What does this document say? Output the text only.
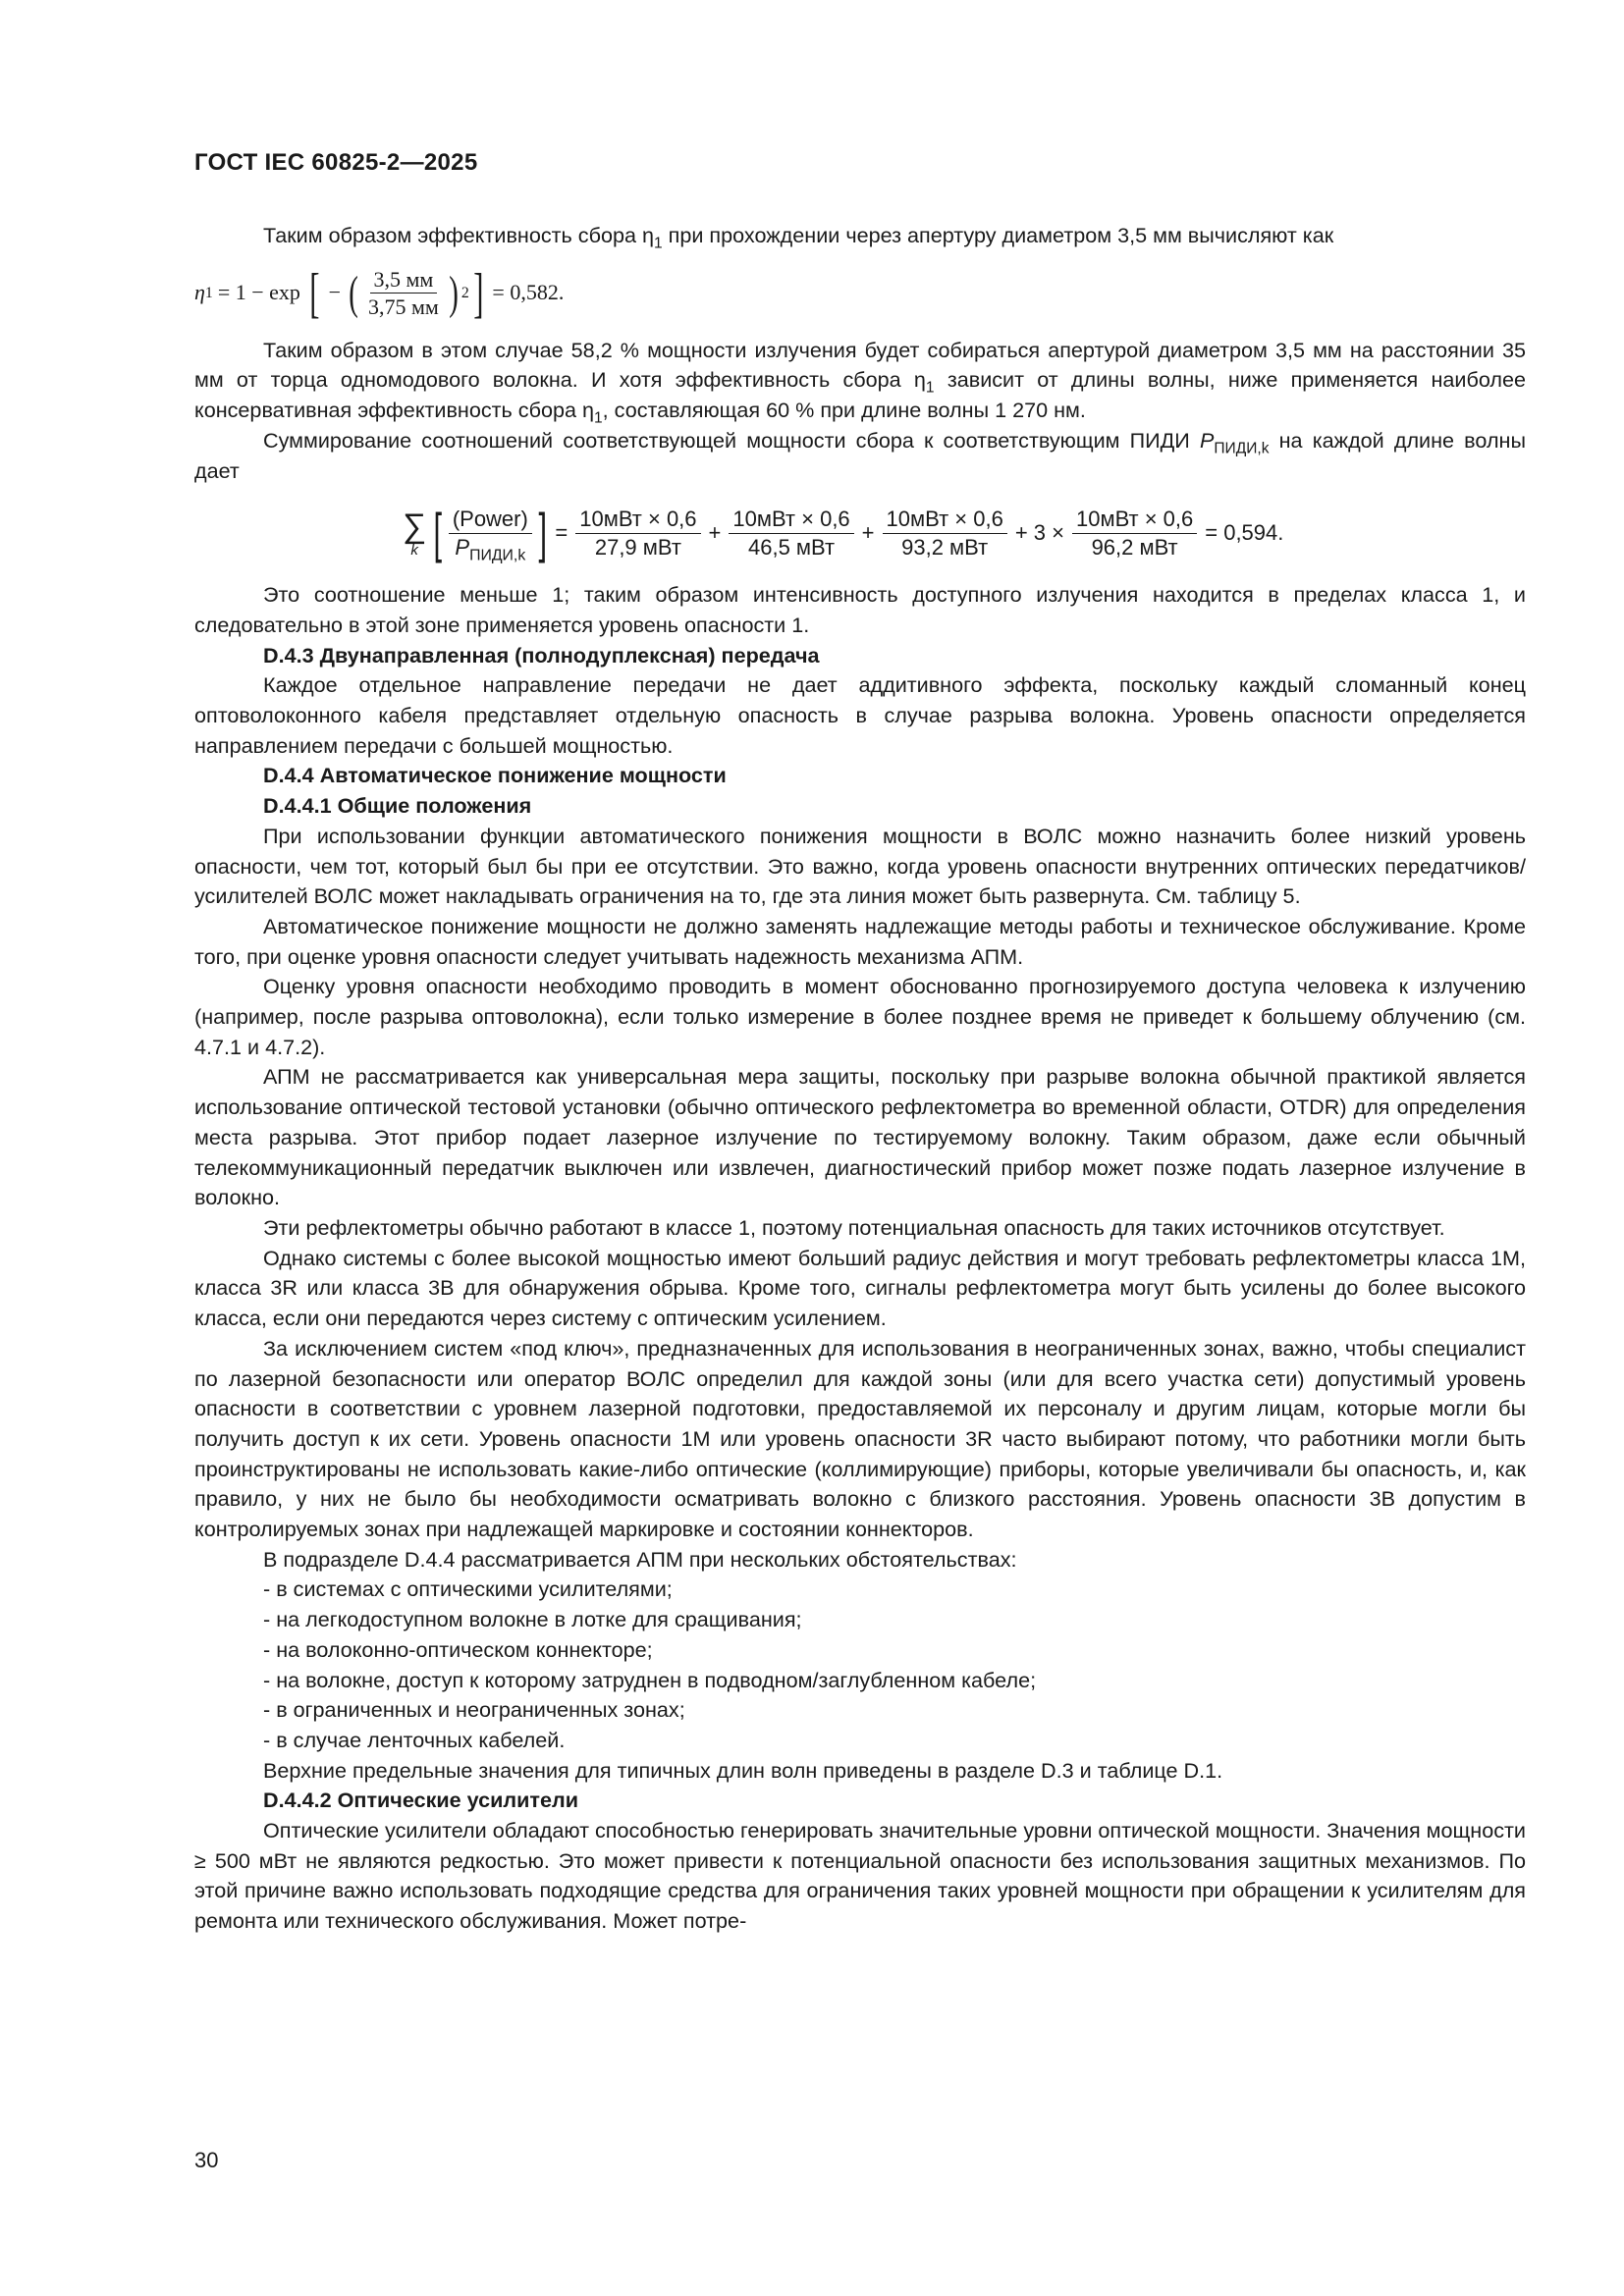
ГОСТ IEC 60825-2—2025

Таким образом эффективность сбора $\eta_1$ при прохождении через апертуру диаметром 3,5 мм вычисляют как

η 1 = 1 − exp [ − ( $\frac{3,5 мм}{3,75 мм}$ ) 2 ] = 0,582.

Таким образом в этом случае 58,2 % мощности излучения будет собираться апертурой диаметром 3,5 мм на расстоянии 35 мм от торца одномодового волокна. И хотя эффективность сбора $\eta_1$ зависит от длины волны, ниже применяется наиболее консервативная эффективность сбора $\eta_1$, составляющая 60 % при длине волны 1 270 нм.

Суммирование соотношений соответствующей мощности сбора к соответствующим ПИДИ $P_{ПИДИ,k}$ на каждой длине волны дает

∑
k [ $\frac{\text{(Power)}}{P_{ПИДИ,k}}$ ] = $\frac{\text{10мВт × 0,6}}{\text{27,9 мВт}} + \frac{\text{10мВт × 0,6}}{\text{46,5 мВт}} + \frac{\text{10мВт × 0,6}}{\text{93,2 мВт}} + 3 \times \frac{\text{10мВт × 0,6}}{\text{96,2 мВт}} = 0,594$.

Это соотношение меньше 1; таким образом интенсивность доступного излучения находится в пределах класса 1, и следовательно в этой зоне применяется уровень опасности 1.

D.4.3 Двунаправленная (полнодуплексная) передача

Каждое отдельное направление передачи не дает аддитивного эффекта, поскольку каждый сломанный конец оптоволоконного кабеля представляет отдельную опасность в случае разрыва волокна. Уровень опасности определяется направлением передачи с большей мощностью.

D.4.4 Автоматическое понижение мощности

D.4.4.1 Общие положения

При использовании функции автоматического понижения мощности в ВОЛС можно назначить более низкий уровень опасности, чем тот, который был бы при ее отсутствии. Это важно, когда уровень опасности внутренних оптических передатчиков/усилителей ВОЛС может накладывать ограничения на то, где эта линия может быть развернута. См. таблицу 5.

Автоматическое понижение мощности не должно заменять надлежащие методы работы и техническое обслуживание. Кроме того, при оценке уровня опасности следует учитывать надежность механизма АПМ.

Оценку уровня опасности необходимо проводить в момент обоснованно прогнозируемого доступа человека к излучению (например, после разрыва оптоволокна), если только измерение в более позднее время не приведет к большему облучению (см. 4.7.1 и 4.7.2).

АПМ не рассматривается как универсальная мера защиты, поскольку при разрыве волокна обычной практикой является использование оптической тестовой установки (обычно оптического рефлектометра во временной области, OTDR) для определения места разрыва. Этот прибор подает лазерное излучение по тестируемому волокну. Таким образом, даже если обычный телекоммуникационный передатчик выключен или извлечен, диагностический прибор может позже подать лазерное излучение в волокно.

Эти рефлектометры обычно работают в классе 1, поэтому потенциальная опасность для таких источников отсутствует.

Однако системы с более высокой мощностью имеют больший радиус действия и могут требовать рефлектометры класса 1М, класса 3R или класса 3B для обнаружения обрыва. Кроме того, сигналы рефлектометра могут быть усилены до более высокого класса, если они передаются через систему с оптическим усилением.

За исключением систем «под ключ», предназначенных для использования в неограниченных зонах, важно, чтобы специалист по лазерной безопасности или оператор ВОЛС определил для каждой зоны (или для всего участка сети) допустимый уровень опасности в соответствии с уровнем лазерной подготовки, предоставляемой их персоналу и другим лицам, которые могли бы получить доступ к их сети. Уровень опасности 1М или уровень опасности 3R часто выбирают потому, что работники могли быть проинструктированы не использовать какие-либо оптические (коллимирующие) приборы, которые увеличивали бы опасность, и, как правило, у них не было бы необходимости осматривать волокно с близкого расстояния. Уровень опасности 3B допустим в контролируемых зонах при надлежащей маркировке и состоянии коннекторов.

В подразделе D.4.4 рассматривается АПМ при нескольких обстоятельствах:

- в системах с оптическими усилителями;

- на легкодоступном волокне в лотке для сращивания;

- на волоконно-оптическом коннекторе;

- на волокне, доступ к которому затруднен в подводном/заглубленном кабеле;

- в ограниченных и неограниченных зонах;

- в случае ленточных кабелей.

Верхние предельные значения для типичных длин волн приведены в разделе D.3 и таблице D.1.

D.4.4.2 Оптические усилители

Оптические усилители обладают способностью генерировать значительные уровни оптической мощности. Значения мощности ≥ 500 мВт не являются редкостью. Это может привести к потенциальной опасности без использования защитных механизмов. По этой причине важно использовать подходящие средства для ограничения таких уровней мощности при обращении к усилителям для ремонта или технического обслуживания. Может потре-

30
